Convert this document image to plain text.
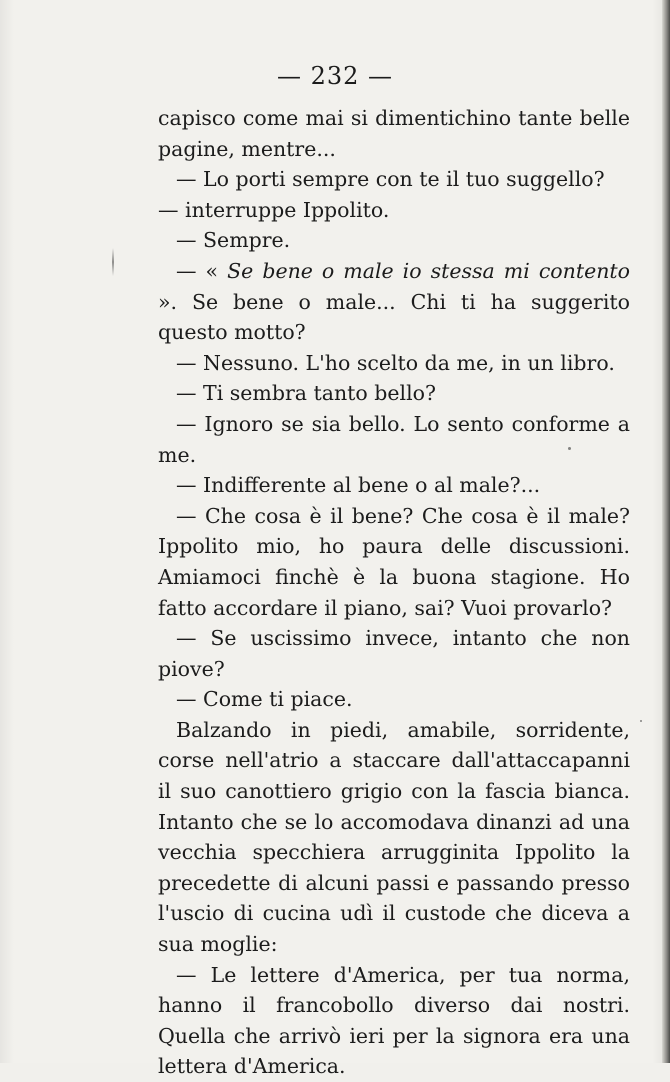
— 232 —

capisco come mai si dimentichino tante belle pagine, mentre...

— Lo porti sempre con te il tuo suggello?

— interruppe Ippolito.

— Sempre.

— « Se bene o male io stessa mi contento ». Se bene o male... Chi ti ha suggerito questo motto?

— Nessuno. L'ho scelto da me, in un libro.

— Ti sembra tanto bello?

— Ignoro se sia bello. Lo sento conforme a me.

— Indifferente al bene o al male?...

— Che cosa è il bene? Che cosa è il male? Ippolito mio, ho paura delle discussioni. Amiamoci finchè è la buona stagione. Ho fatto accordare il piano, sai? Vuoi provarlo?

— Se uscissimo invece, intanto che non piove?

— Come ti piace.

Balzando in piedi, amabile, sorridente, corse nell'atrio a staccare dall'attaccapanni il suo canottiero grigio con la fascia bianca. Intanto che se lo accomodava dinanzi ad una vecchia specchiera arrugginita Ippolito la precedette di alcuni passi e passando presso l'uscio di cucina udì il custode che diceva a sua moglie:

— Le lettere d'America, per tua norma, hanno il francobollo diverso dai nostri. Quella che arrivò ieri per la signora era una lettera d'America.
